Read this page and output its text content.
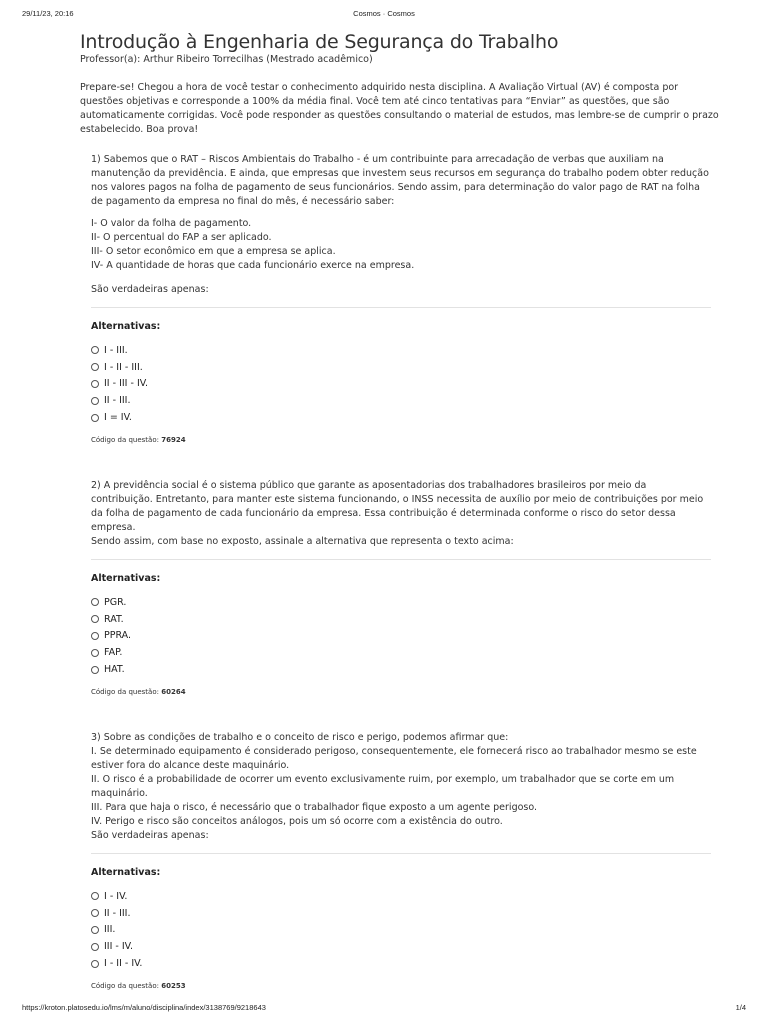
29/11/23, 20:16	Cosmos · Cosmos
Introdução à Engenharia de Segurança do Trabalho
Professor(a): Arthur Ribeiro Torrecilhas (Mestrado acadêmico)
Prepare-se! Chegou a hora de você testar o conhecimento adquirido nesta disciplina. A Avaliação Virtual (AV) é composta por questões objetivas e corresponde a 100% da média final. Você tem até cinco tentativas para “Enviar” as questões, que são automaticamente corrigidas. Você pode responder as questões consultando o material de estudos, mas lembre-se de cumprir o prazo estabelecido. Boa prova!
1) Sabemos que o RAT – Riscos Ambientais do Trabalho - é um contribuinte para arrecadação de verbas que auxiliam na manutenção da previdência. E ainda, que empresas que investem seus recursos em segurança do trabalho podem obter redução nos valores pagos na folha de pagamento de seus funcionários. Sendo assim, para determinação do valor pago de RAT na folha de pagamento da empresa no final do mês, é necessário saber:
I- O valor da folha de pagamento.
II- O percentual do FAP a ser aplicado.
III- O setor econômico em que a empresa se aplica.
IV- A quantidade de horas que cada funcionário exerce na empresa.
São verdadeiras apenas:
Alternativas:
I - III.
I - II - III.
II - III - IV.
II - III.
I = IV.
Código da questão: 76924

2) A previdência social é o sistema público que garante as aposentadorias dos trabalhadores brasileiros por meio da contribuição. Entretanto, para manter este sistema funcionando, o INSS necessita de auxílio por meio de contribuições por meio da folha de pagamento de cada funcionário da empresa. Essa contribuição é determinada conforme o risco do setor dessa empresa.

Sendo assim, com base no exposto, assinale a alternativa que representa o texto acima:

Alternativas:
PGR.
RAT.
PPRA.
FAP.
HAT.
Código da questão: 60264

3) Sobre as condições de trabalho e o conceito de risco e perigo, podemos afirmar que:

I. Se determinado equipamento é considerado perigoso, consequentemente, ele fornecerá risco ao trabalhador mesmo se este estiver fora do alcance deste maquinário.

II. O risco é a probabilidade de ocorrer um evento exclusivamente ruim, por exemplo, um trabalhador que se corte em um maquinário.

III. Para que haja o risco, é necessário que o trabalhador fique exposto a um agente perigoso.

IV. Perigo e risco são conceitos análogos, pois um só ocorre com a existência do outro.

São verdadeiras apenas:

Alternativas:
I - IV.
II - III.
III.
III - IV.
I - II - IV.
Código da questão: 60253
https://kroton.platosedu.io/lms/m/aluno/disciplina/index/3138769/9218643	1/4
